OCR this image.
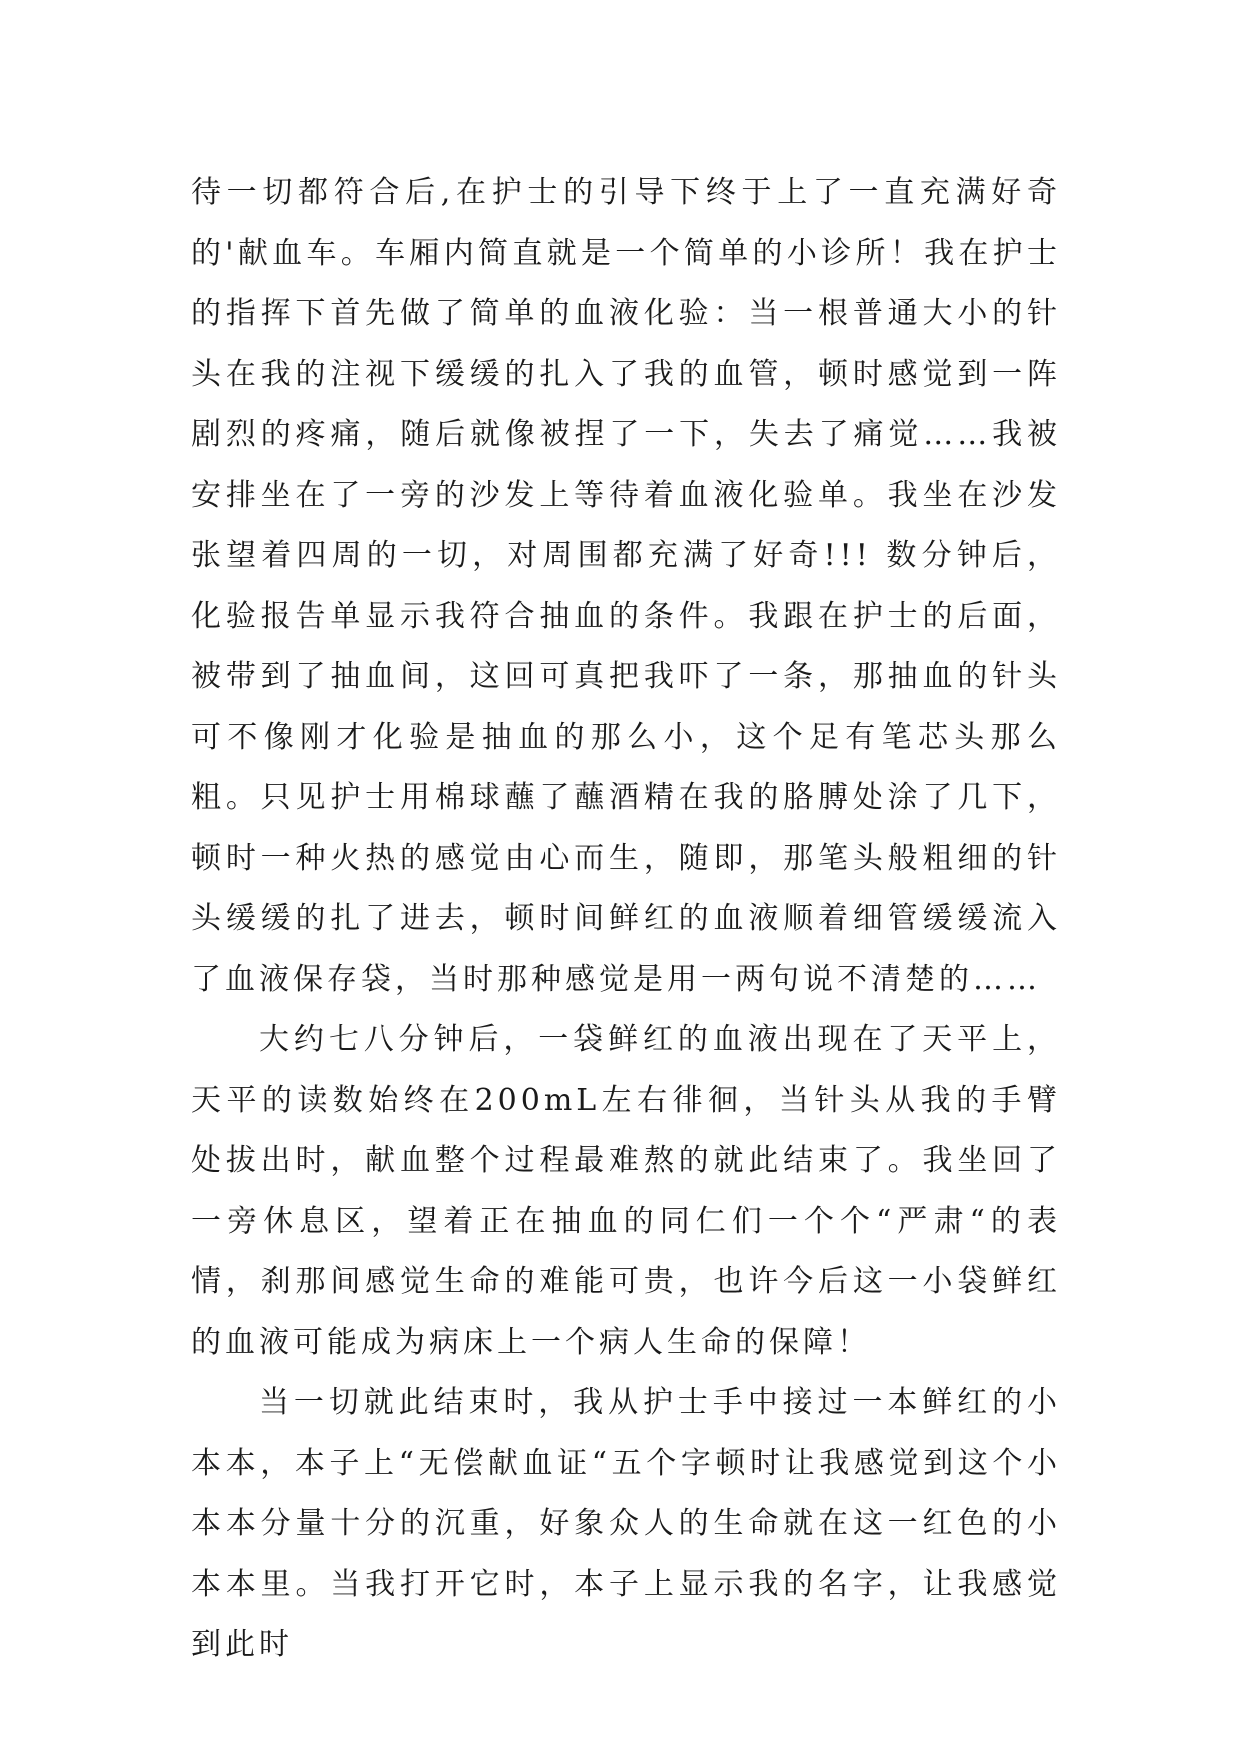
待一切都符合后,在护士的引导下终于上了一直充满好奇的'献血车。车厢内简直就是一个简单的小诊所！我在护士的指挥下首先做了简单的血液化验：当一根普通大小的针头在我的注视下缓缓的扎入了我的血管，顿时感觉到一阵剧烈的疼痛，随后就像被捏了一下，失去了痛觉……我被安排坐在了一旁的沙发上等待着血液化验单。我坐在沙发张望着四周的一切，对周围都充满了好奇!!! 数分钟后，化验报告单显示我符合抽血的条件。我跟在护士的后面，被带到了抽血间，这回可真把我吓了一条，那抽血的针头可不像刚才化验是抽血的那么小，这个足有笔芯头那么粗。只见护士用棉球蘸了蘸酒精在我的胳膊处涂了几下，顿时一种火热的感觉由心而生，随即，那笔头般粗细的针头缓缓的扎了进去，顿时间鲜红的血液顺着细管缓缓流入了血液保存袋，当时那种感觉是用一两句说不清楚的……

大约七八分钟后，一袋鲜红的血液出现在了天平上，天平的读数始终在200mL左右徘徊，当针头从我的手臂处拔出时，献血整个过程最难熬的就此结束了。我坐回了一旁休息区，望着正在抽血的同仁们一个个“严肃“的表情，刹那间感觉生命的难能可贵，也许今后这一小袋鲜红的血液可能成为病床上一个病人生命的保障！

当一切就此结束时，我从护士手中接过一本鲜红的小本本，本子上“无偿献血证“五个字顿时让我感觉到这个小本本分量十分的沉重，好象众人的生命就在这一红色的小本本里。当我打开它时，本子上显示我的名字，让我感觉到此时
